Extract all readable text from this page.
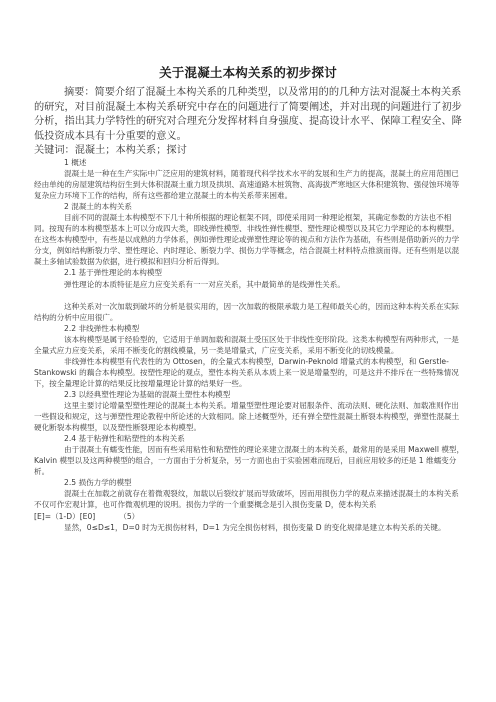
关于混凝土本构关系的初步探讨

摘要：简要介绍了混凝土本构关系的几种类型，以及常用的的几种方法对混凝土本构关系的研究，对目前混凝土本构关系研究中存在的问题进行了简要阐述，并对出现的问题进行了初步分析，指出其力学特性的研究对合理充分发挥材料自身强度、提高设计水平、保障工程安全、降低投资成本具有十分重要的意义。

关键词：混凝土；本构关系；探讨

1 概述

混凝土是一种在生产实际中广泛应用的建筑材料，随着现代科学技术水平的发展和生产力的提高，混凝土的应用范围已经由单纯的房屋建筑结构衍生到大体积混凝土重力坝及拱坝、高速道路木桩筑物、高海拔严寒地区大体积建筑物、强侵蚀环境等复杂应力环境下工作的结构，所有这些都给建立混凝土的本构关系带来困难。

2 混凝土的本构关系

目前不同的混凝土本构模型不下几十种所根据的理论框架不同，即使采用同一种理论框架，其确定参数的方法也不相同。按现有的本构模型基本上可以分成四大类，即线弹性模型、非线性弹性模型、塑性理论模型以及其它力学理论的本构模型。在这些本构模型中，有些是以成熟的力学体系，例如弹性理论或弹塑性理论等的视点和方法作为基础，有些则是借助新兴的力学分支，例如结构断裂力学、塑性理论、内时理论、断裂力学、损伤力学等概念，结合混凝土材料特点推演而得。还有些则是以混凝土多轴试验数据为依据，进行模拟和回归分析后得到。

2.1 基于弹性理论的本构模型

弹性理论的本质特征是应力应变关系有一一对应关系，其中最简单的是线弹性关系。

这种关系对一次加载到破坏的分析是很实用的，因一次加载的极限承载力是工程师最关心的，因而这种本构关系在实际结构的分析中应用很广。

2.2 非线弹性本构模型

该本构模型是属于经验型的，它适用于单调加载和混凝土受压区处于非线性变形阶段。这类本构模型有两种形式，一是全量式应力应变关系，采用不断变化的割线模量，另一类是增量式，广应变关系，采用不断变化的切线模量。

非线弹性本构模型有代表性的为 Ottosen，的全量式本构模型，Darwin-Peknold 增量式的本构模型，和 Gerstle-Stankowski 的藕合本构模型。按塑性理论的观点，塑性本构关系从本质上来一说是增量型的，可是这并不排斥在一些特殊情况下，按全量理论计算的结果反比按增量理论计算的结果好一些。

2.3 以经典塑性理论为基础的混凝土塑性本构模型

这里主要讨论增量型塑性理论的混凝土本构关系。增量型塑性理论要对屈服条件、流动法则、硬化法则、加载准则作出一些假设和规定，这与弹塑性理论教程中所论述的大致相同。除上述概型外，还有弹全塑性混凝土断裂本构模型，弹塑性混凝土硬化断裂本构模型，以及塑性断裂理论本构模型。

2.4 基于粘弹性和粘塑性的本构关系

由于混凝土有蠕变性能，因而有些采用粘性和粘塑性的理论来建立混凝土的本构关系，最常用的是采用 Maxwell 模型，Kalvin 模型以及这两种模型的组合，一方面由于分析复杂，另一方面也由于实验困难而现后，目前应用较多的还是 1 维蠕变分析。

2.5 损伤力学的模型

混凝土在加载之前就存在着微观裂纹，加载以后裂纹扩展而导致破坏，因而用损伤力学的观点来描述混凝土的本构关系不仅可作宏观计算，也可作微观机理的说明。损伤力学的一个重要概念是引入损伤变量 D，使本构关系

[E]=（1-D）[E0]	（5）

显然，0≤D≤1，D=0 时为无损伤材料，D=1 为完全损伤材料，损伤变量 D 的变化规律是建立本构关系的关键。
